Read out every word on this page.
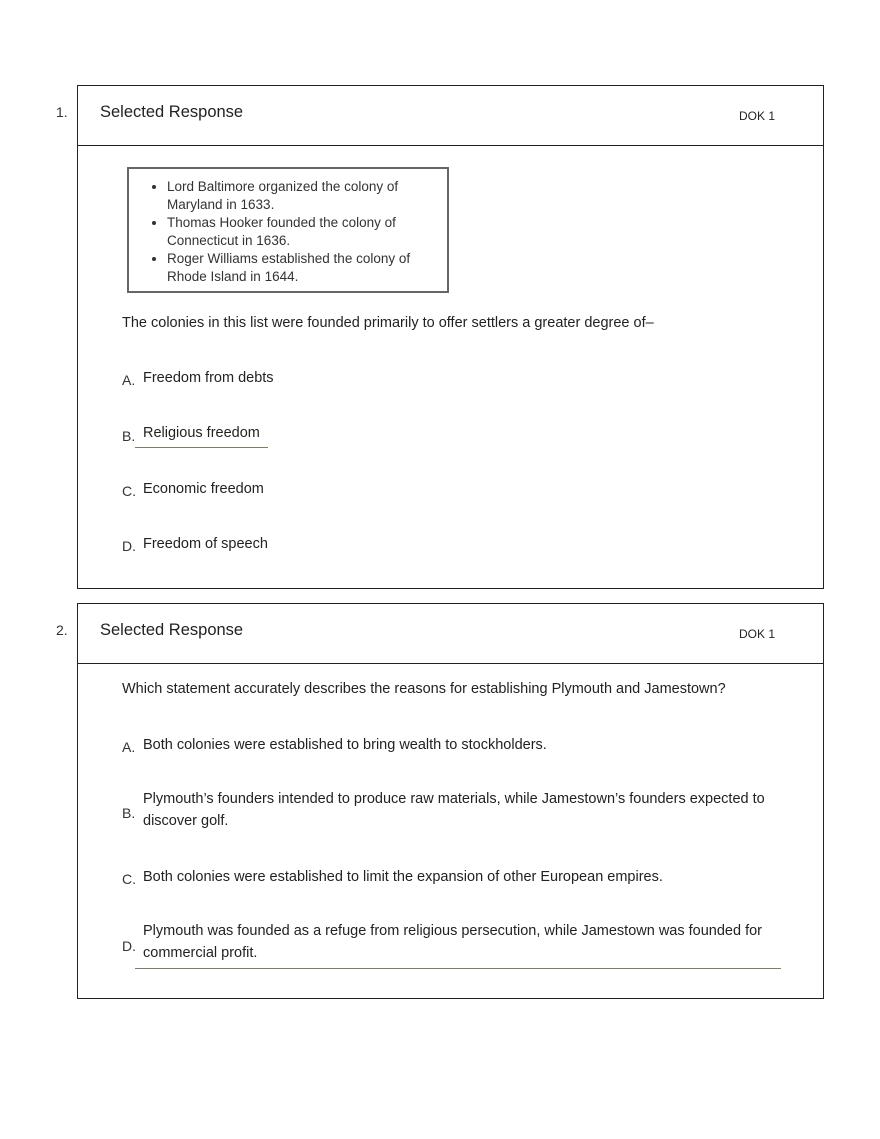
1. Selected Response	DOK 1
• Lord Baltimore organized the colony of Maryland in 1633.
• Thomas Hooker founded the colony of Connecticut in 1636.
• Roger Williams established the colony of Rhode Island in 1644.
The colonies in this list were founded primarily to offer settlers a greater degree of–
A. Freedom from debts
B. Religious freedom
C. Economic freedom
D. Freedom of speech
2. Selected Response	DOK 1
Which statement accurately describes the reasons for establishing Plymouth and Jamestown?
A. Both colonies were established to bring wealth to stockholders.
B.
Plymouth’s founders intended to produce raw materials, while Jamestown’s founders expected to discover golf.
C. Both colonies were established to limit the expansion of other European empires.
D.
Plymouth was founded as a refuge from religious persecution, while Jamestown was founded for commercial profit.
